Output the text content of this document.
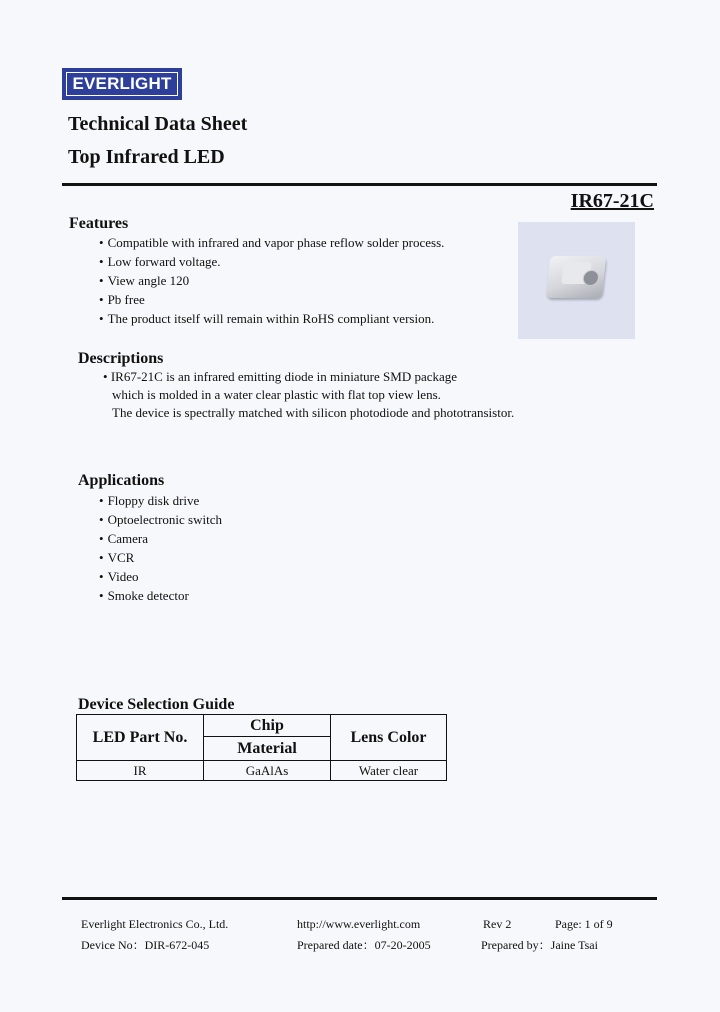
EVERLIGHT
Technical Data Sheet
Top Infrared LED
IR67-21C
Features
• Compatible with infrared and vapor phase reflow solder process.
• Low forward voltage.
• View angle 120
• Pb free
• The product itself will remain within RoHS compliant version.
Descriptions
• IR67-21C is an infrared emitting diode in miniature SMD package
which is molded in a water clear plastic with flat top view lens.
The device is spectrally matched with silicon photodiode and phototransistor.
Applications
• Floppy disk drive
• Optoelectronic switch
• Camera
• VCR
• Video
• Smoke detector
Device Selection Guide
LED Part No.	Chip	Lens Color
	Material	
IR	GaAlAs	Water clear
Everlight Electronics Co., Ltd.	http://www.everlight.com	Rev 2	Page: 1 of 9
Device No：DIR-672-045	Prepared date：07-20-2005	Prepared by：Jaine Tsai
